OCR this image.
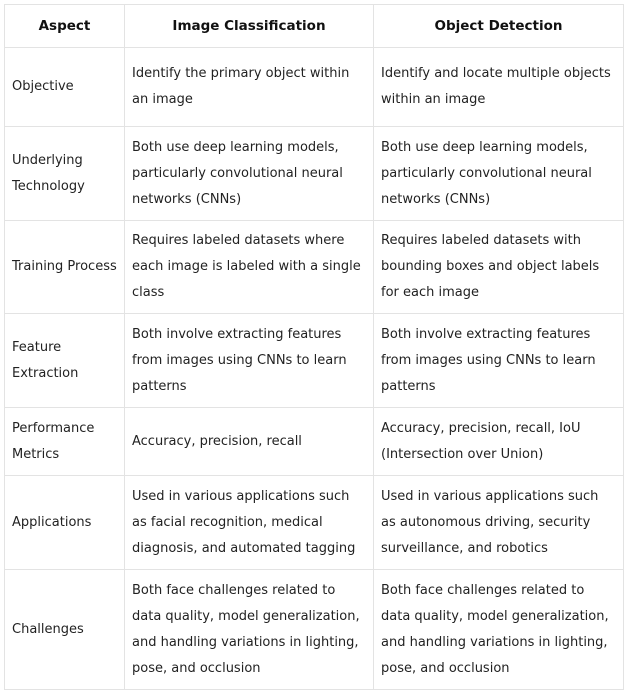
Aspect	Image Classification	Object Detection
Objective	Identify the primary object within an image	Identify and locate multiple objects within an image
Underlying Technology	Both use deep learning models, particularly convolutional neural networks (CNNs)	Both use deep learning models, particularly convolutional neural networks (CNNs)
Training Process	Requires labeled datasets where each image is labeled with a single class	Requires labeled datasets with bounding boxes and object labels for each image
Feature Extraction	Both involve extracting features from images using CNNs to learn patterns	Both involve extracting features from images using CNNs to learn patterns
Performance Metrics	Accuracy, precision, recall	Accuracy, precision, recall, IoU (Intersection over Union)
Applications	Used in various applications such as facial recognition, medical diagnosis, and automated tagging	Used in various applications such as autonomous driving, security surveillance, and robotics
Challenges	Both face challenges related to data quality, model generalization, and handling variations in lighting, pose, and occlusion	Both face challenges related to data quality, model generalization, and handling variations in lighting, pose, and occlusion
